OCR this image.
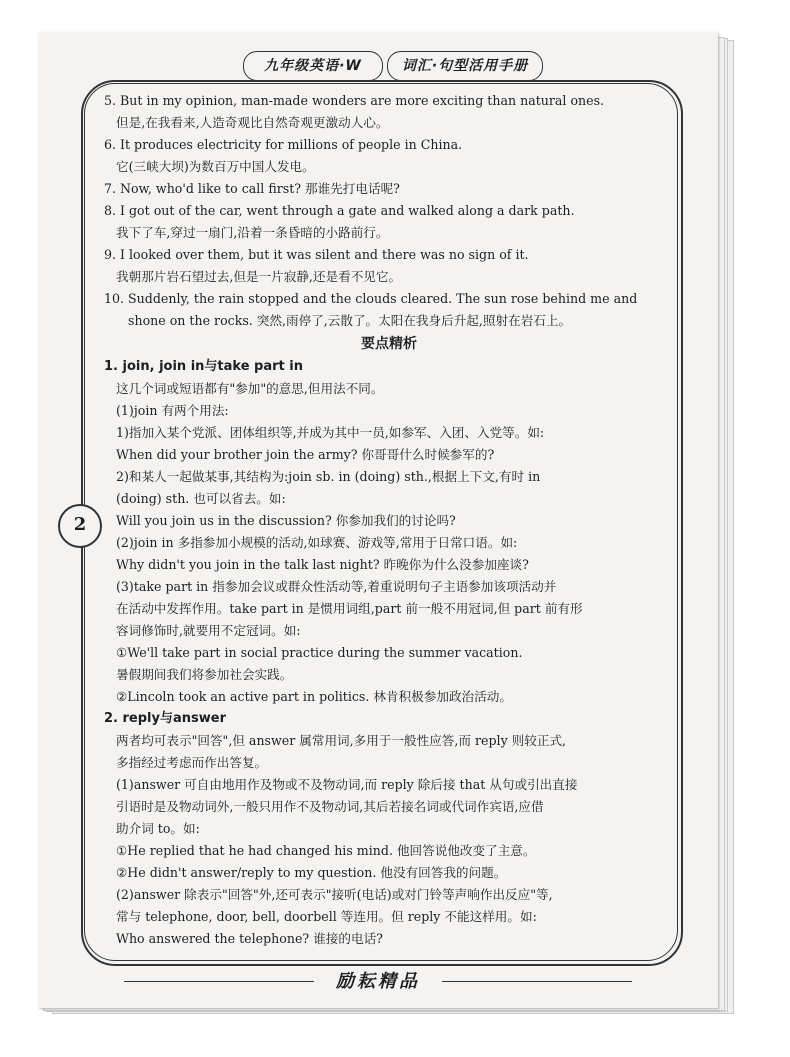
九年级英语·W	词汇·句型活用手册
2
5. But in my opinion, man-made wonders are more exciting than natural ones.
但是,在我看来,人造奇观比自然奇观更激动人心。
6. It produces electricity for millions of people in China.
它(三峡大坝)为数百万中国人发电。
7. Now, who'd like to call first? 那谁先打电话呢?
8. I got out of the car, went through a gate and walked along a dark path.
我下了车,穿过一扇门,沿着一条昏暗的小路前行。
9. I looked over them, but it was silent and there was no sign of it.
我朝那片岩石望过去,但是一片寂静,还是看不见它。
10. Suddenly, the rain stopped and the clouds cleared. The sun rose behind me and
shone on the rocks. 突然,雨停了,云散了。太阳在我身后升起,照射在岩石上。
要点精析
1. join, join in与take part in
这几个词或短语都有"参加"的意思,但用法不同。
(1)join 有两个用法:
1)指加入某个党派、团体组织等,并成为其中一员,如参军、入团、入党等。如:
When did your brother join the army? 你哥哥什么时候参军的?
2)和某人一起做某事,其结构为:join sb. in (doing) sth.,根据上下文,有时 in
(doing) sth. 也可以省去。如:
Will you join us in the discussion? 你参加我们的讨论吗?
(2)join in 多指参加小规模的活动,如球赛、游戏等,常用于日常口语。如:
Why didn't you join in the talk last night? 昨晚你为什么没参加座谈?
(3)take part in 指参加会议或群众性活动等,着重说明句子主语参加该项活动并
在活动中发挥作用。take part in 是惯用词组,part 前一般不用冠词,但 part 前有形
容词修饰时,就要用不定冠词。如:
①We'll take part in social practice during the summer vacation.
暑假期间我们将参加社会实践。
②Lincoln took an active part in politics. 林肯积极参加政治活动。
2. reply与answer
两者均可表示"回答",但 answer 属常用词,多用于一般性应答,而 reply 则较正式,
多指经过考虑而作出答复。
(1)answer 可自由地用作及物或不及物动词,而 reply 除后接 that 从句或引出直接
引语时是及物动词外,一般只用作不及物动词,其后若接名词或代词作宾语,应借
助介词 to。如:
①He replied that he had changed his mind. 他回答说他改变了主意。
②He didn't answer/reply to my question. 他没有回答我的问题。
(2)answer 除表示"回答"外,还可表示"接听(电话)或对门铃等声响作出反应"等,
常与 telephone, door, bell, doorbell 等连用。但 reply 不能这样用。如:
Who answered the telephone? 谁接的电话?
励耘精品
